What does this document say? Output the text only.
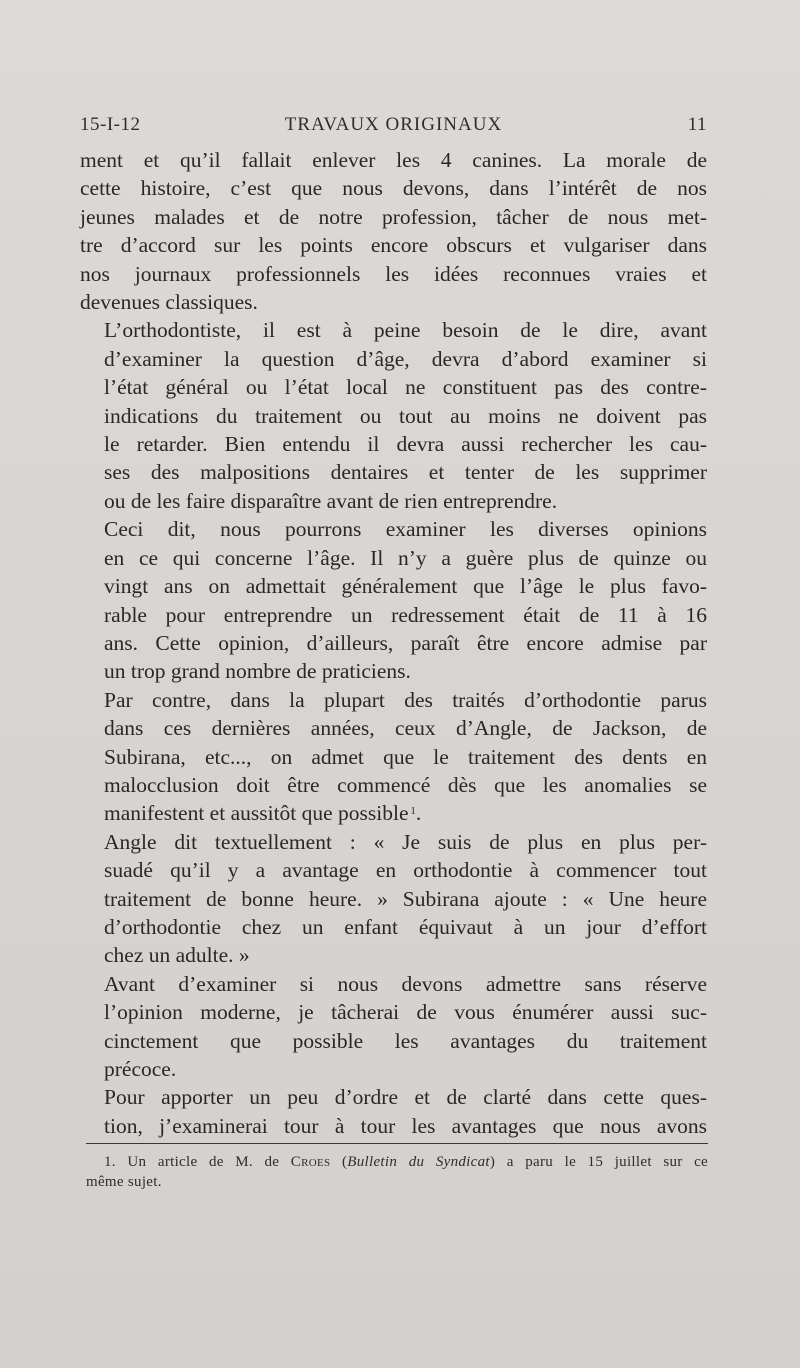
15-I-12	TRAVAUX ORIGINAUX	11

ment et qu’il fallait enlever les 4 canines. La morale de
cette histoire, c’est que nous devons, dans l’intérêt de nos
jeunes malades et de notre profession, tâcher de nous met-
tre d’accord sur les points encore obscurs et vulgariser dans
nos journaux professionnels les idées reconnues vraies et
devenues classiques.

L’orthodontiste, il est à peine besoin de le dire, avant
d’examiner la question d’âge, devra d’abord examiner si
l’état général ou l’état local ne constituent pas des contre-
indications du traitement ou tout au moins ne doivent pas
le retarder. Bien entendu il devra aussi rechercher les cau-
ses des malpositions dentaires et tenter de les supprimer
ou de les faire disparaître avant de rien entreprendre.

Ceci dit, nous pourrons examiner les diverses opinions
en ce qui concerne l’âge. Il n’y a guère plus de quinze ou
vingt ans on admettait généralement que l’âge le plus favo-
rable pour entreprendre un redressement était de 11 à 16
ans. Cette opinion, d’ailleurs, paraît être encore admise par
un trop grand nombre de praticiens.

Par contre, dans la plupart des traités d’orthodontie parus
dans ces dernières années, ceux d’Angle, de Jackson, de
Subirana, etc..., on admet que le traitement des dents en
malocclusion doit être commencé dès que les anomalies se
manifestent et aussitôt que possible  $^1$.

Angle dit textuellement : « Je suis de plus en plus per-
suadé qu’il y a avantage en orthodontie à commencer tout
traitement de bonne heure. » Subirana ajoute : « Une heure
d’orthodontie chez un enfant équivaut à un jour d’effort
chez un adulte. »

Avant d’examiner si nous devons admettre sans réserve
l’opinion moderne, je tâcherai de vous énumérer aussi suc-
cinctement que possible les avantages du traitement
précoce.

Pour apporter un peu d’ordre et de clarté dans cette ques-
tion, j’examinerai tour à tour les avantages que nous avons

1. Un article de M. de Croes (Bulletin du Syndicat) a paru le 15 juillet sur ce
même sujet.
